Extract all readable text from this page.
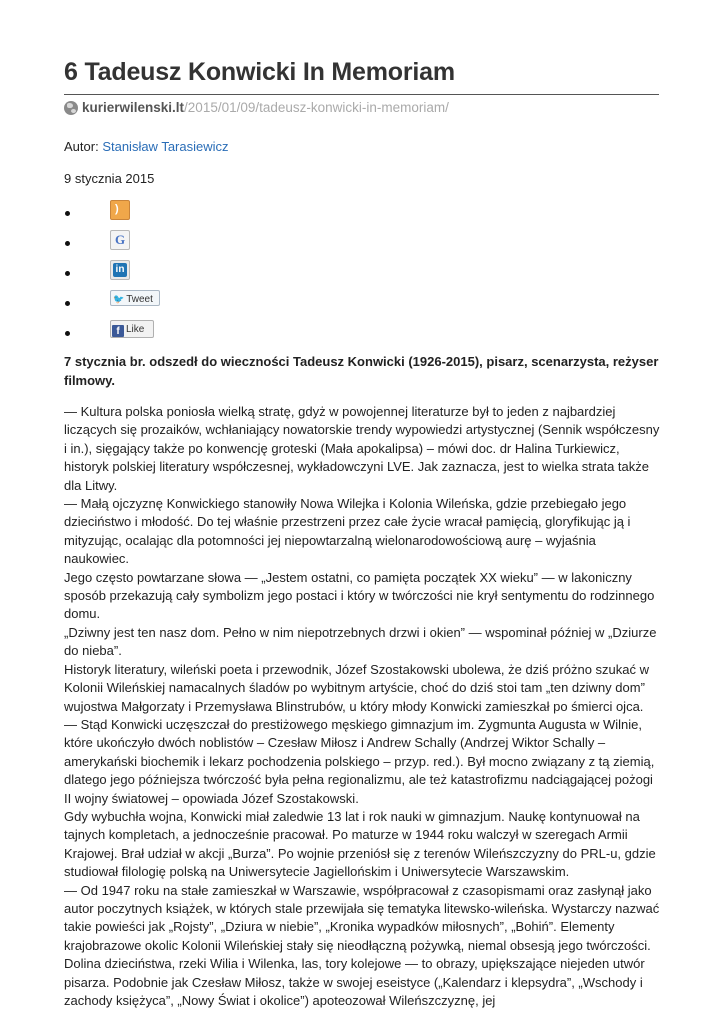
6 Tadeusz Konwicki In Memoriam
kurierwilenski.lt /2015/01/09/tadeusz-konwicki-in-memoriam/
Autor: Stanisław Tarasiewicz
9 stycznia 2015
)
G
in
🐦 Tweet
f Like
7 stycznia br. odszedł do wieczności Tadeusz Konwicki (1926-2015), pisarz, scenarzysta, reżyser filmowy.

— Kultura polska poniosła wielką stratę, gdyż w powojennej literaturze był to jeden z najbardziej liczących się prozaików, wchłaniający nowatorskie trendy wypowiedzi artystycznej (Sennik współczesny i in.), sięgający także po konwencję groteski (Mała apokalipsa) – mówi doc. dr Halina Turkiewicz, historyk polskiej literatury współczesnej, wykładowczyni LVE. Jak zaznacza, jest to wielka strata także dla Litwy.

— Małą ojczyznę Konwickiego stanowiły Nowa Wilejka i Kolonia Wileńska, gdzie przebiegało jego dzieciństwo i młodość. Do tej właśnie przestrzeni przez całe życie wracał pamięcią, gloryfikując ją i mityzując, ocalając dla potomności jej niepowtarzalną wielonarodowościową aurę – wyjaśnia naukowiec.

Jego często powtarzane słowa — „Jestem ostatni, co pamięta początek XX wieku” — w lakoniczny sposób przekazują cały symbolizm jego postaci i który w twórczości nie krył sentymentu do rodzinnego domu.

„Dziwny jest ten nasz dom. Pełno w nim niepotrzebnych drzwi i okien” — wspominał później w „Dziurze do nieba”.

Historyk literatury, wileński poeta i przewodnik, Józef Szostakowski ubolewa, że dziś próżno szukać w Kolonii Wileńskiej namacalnych śladów po wybitnym artyście, choć do dziś stoi tam „ten dziwny dom” wujostwa Małgorzaty i Przemysława Blinstrubów, u który młody Konwicki zamieszkał po śmierci ojca.

— Stąd Konwicki uczęszczał do prestiżowego męskiego gimnazjum im. Zygmunta Augusta w Wilnie, które ukończyło dwóch noblistów – Czesław Miłosz i Andrew Schally (Andrzej Wiktor Schally – amerykański biochemik i lekarz pochodzenia polskiego – przyp. red.). Był mocno związany z tą ziemią, dlatego jego późniejsza twórczość była pełna regionalizmu, ale też katastrofizmu nadciągającej pożogi II wojny światowej – opowiada Józef Szostakowski.

Gdy wybuchła wojna, Konwicki miał zaledwie 13 lat i rok nauki w gimnazjum. Naukę kontynuował na tajnych kompletach, a jednocześnie pracował. Po maturze w 1944 roku walczył w szeregach Armii Krajowej. Brał udział w akcji „Burza”. Po wojnie przeniósł się z terenów Wileńszczyzny do PRL-u, gdzie studiował filologię polską na Uniwersytecie Jagiellońskim i Uniwersytecie Warszawskim.

— Od 1947 roku na stałe zamieszkał w Warszawie, współpracował z czasopismami oraz zasłynął jako autor poczytnych książek, w których stale przewijała się tematyka litewsko-wileńska. Wystarczy nazwać takie powieści jak „Rojsty”, „Dziura w niebie”, „Kronika wypadków miłosnych”, „Bohiń”. Elementy krajobrazowe okolic Kolonii Wileńskiej stały się nieodłączną pożywką, niemal obsesją jego twórczości. Dolina dzieciństwa, rzeki Wilia i Wilenka, las, tory kolejowe — to obrazy, upiększające niejeden utwór pisarza. Podobnie jak Czesław Miłosz, także w swojej eseistyce („Kalendarz i klepsydra”, „Wschody i zachody księżyca”, „Nowy Świat i okolice”) apoteozował Wileńszczyznę, jej
